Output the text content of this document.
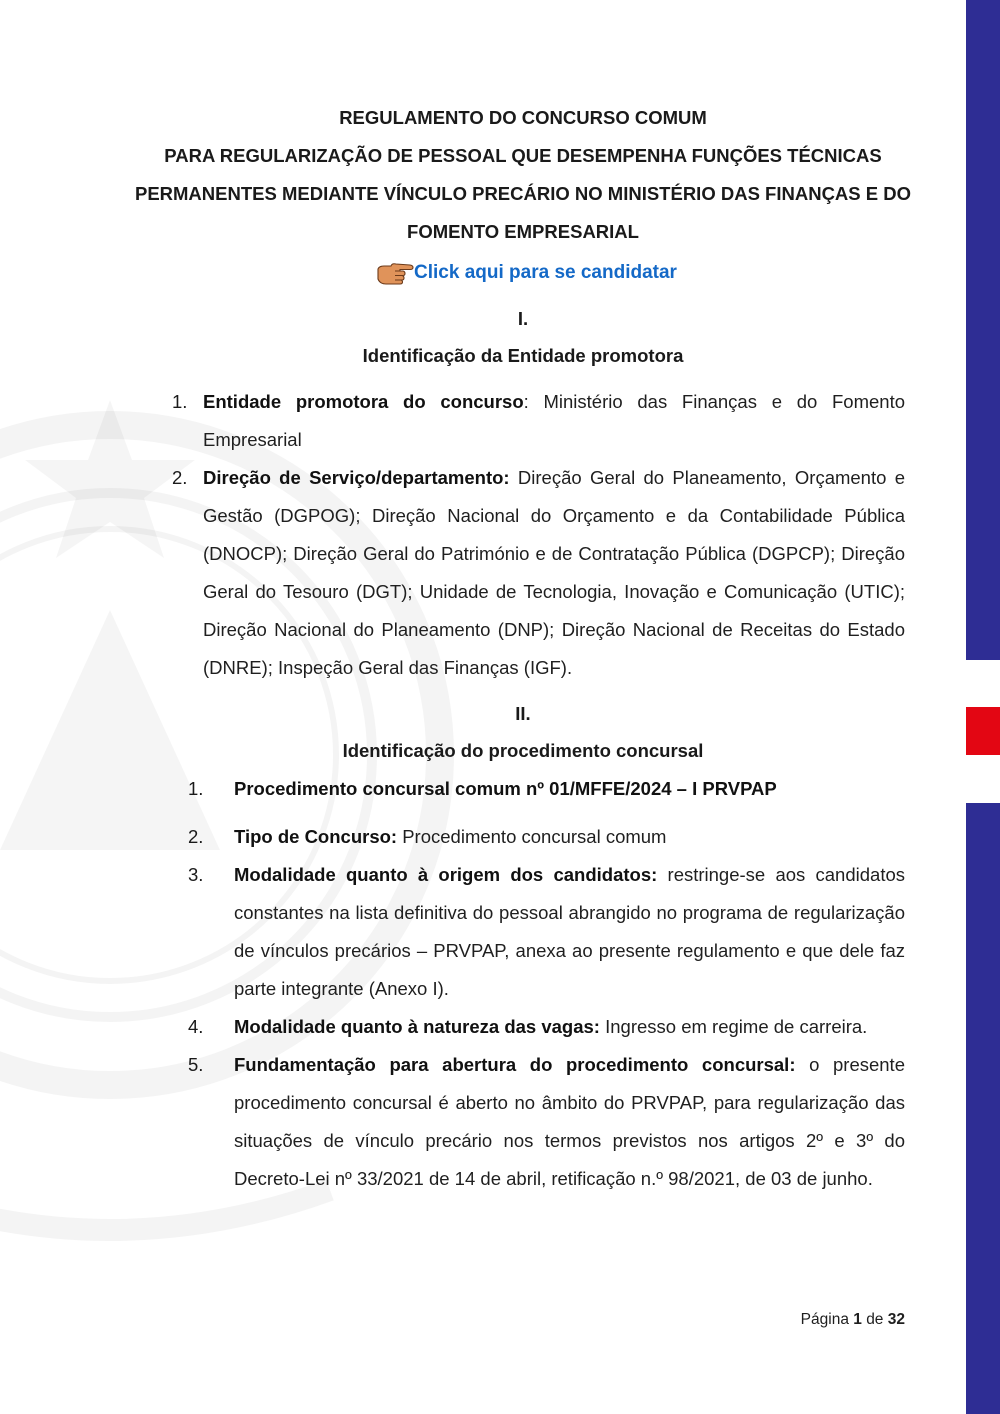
REGULAMENTO DO CONCURSO COMUM
PARA REGULARIZAÇÃO DE PESSOAL QUE DESEMPENHA FUNÇÕES TÉCNICAS
PERMANENTES MEDIANTE VÍNCULO PRECÁRIO NO MINISTÉRIO DAS FINANÇAS E DO
FOMENTO EMPRESARIAL
Click aqui para se candidatar
I.
Identificação da Entidade promotora
1. Entidade promotora do concurso: Ministério das Finanças e do Fomento Empresarial
2. Direção de Serviço/departamento: Direção Geral do Planeamento, Orçamento e Gestão (DGPOG); Direção Nacional do Orçamento e da Contabilidade Pública (DNOCP); Direção Geral do Património e de Contratação Pública (DGPCP); Direção Geral do Tesouro (DGT); Unidade de Tecnologia, Inovação e Comunicação (UTIC); Direção Nacional do Planeamento (DNP); Direção Nacional de Receitas do Estado (DNRE); Inspeção Geral das Finanças (IGF).
II.
Identificação do procedimento concursal
1. Procedimento concursal comum nº 01/MFFE/2024 – I PRVPAP
2. Tipo de Concurso: Procedimento concursal comum
3. Modalidade quanto à origem dos candidatos: restringe-se aos candidatos constantes na lista definitiva do pessoal abrangido no programa de regularização de vínculos precários – PRVPAP, anexa ao presente regulamento e que dele faz parte integrante (Anexo I).
4. Modalidade quanto à natureza das vagas: Ingresso em regime de carreira.
5. Fundamentação para abertura do procedimento concursal: o presente procedimento concursal é aberto no âmbito do PRVPAP, para regularização das situações de vínculo precário nos termos previstos nos artigos 2º e 3º do Decreto-Lei nº 33/2021 de 14 de abril, retificação n.º 98/2021, de 03 de junho.
Página 1 de 32
